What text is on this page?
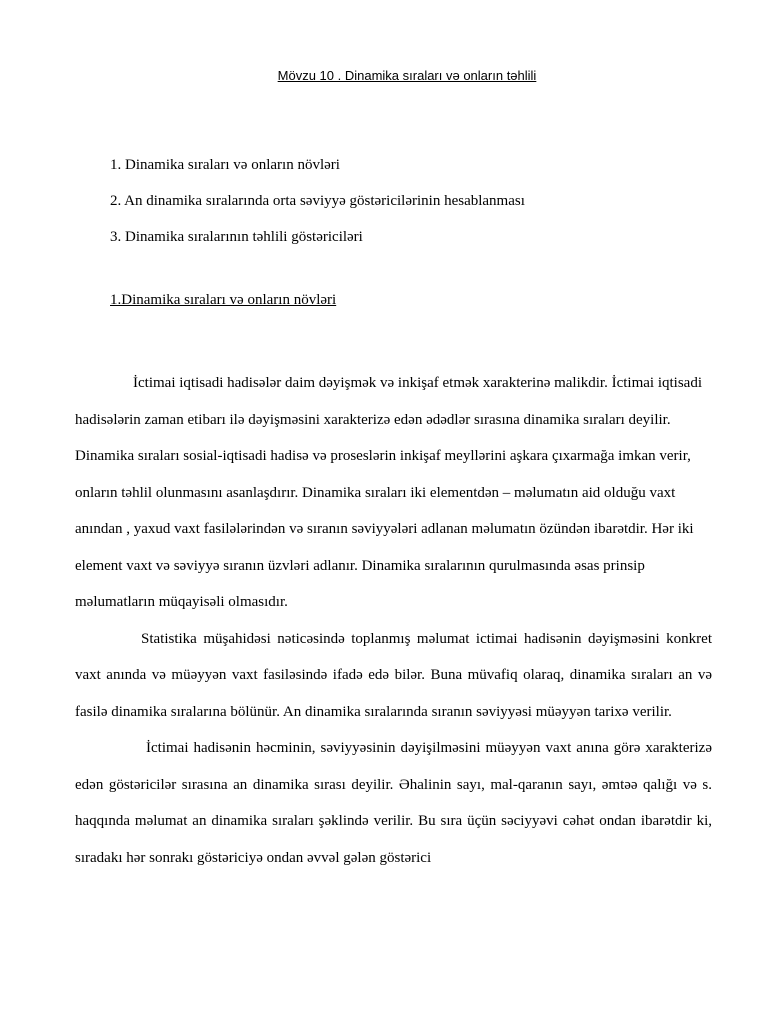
Mövzu 10 . Dinamika sıraları və onların təhlili
1. Dinamika sıraları və onların növləri
2. An dinamika sıralarında orta səviyyə göstəricilərinin hesablanması
3. Dinamika sıralarının təhlili göstəriciləri
1.Dinamika sıraları və onların növləri

İctimai iqtisadi hadisələr daim dəyişmək və inkişaf etmək xarakterinə malikdir. İctimai iqtisadi hadisələrin zaman etibarı ilə dəyişməsini xarakterizə edən ədədlər sırasına dinamika sıraları deyilir. Dinamika sıraları sosial-iqtisadi hadisə və proseslərin inkişaf meyllərini aşkara çıxarmağa imkan verir, onların təhlil olunmasını asanlaşdırır. Dinamika sıraları iki elementdən – məlumatın aid olduğu vaxt anından , yaxud vaxt fasilələrindən və sıranın səviyyələri adlanan məlumatın özündən ibarətdir. Hər iki element vaxt və səviyyə sıranın üzvləri adlanır. Dinamika sıralarının qurulmasında əsas prinsip məlumatların müqayisəli olmasıdır.

Statistika müşahidəsi nəticəsində toplanmış məlumat ictimai hadisənin dəyişməsini konkret vaxt anında və müəyyən vaxt fasiləsində ifadə edə bilər. Buna müvafiq olaraq, dinamika sıraları an və fasilə dinamika sıralarına bölünür. An dinamika sıralarında sıranın səviyyəsi müəyyən tarixə verilir.

İctimai hadisənin həcminin, səviyyəsinin dəyişilməsini müəyyən vaxt anına görə xarakterizə edən göstəricilər sırasına an dinamika sırası deyilir. Əhalinin sayı, mal-qaranın sayı, əmtəə qalığı və s. haqqında məlumat an dinamika sıraları şəklində verilir. Bu sıra üçün səciyyəvi cəhət ondan ibarətdir ki, sıradakı hər sonrakı göstəriciyə ondan əvvəl gələn göstərici
